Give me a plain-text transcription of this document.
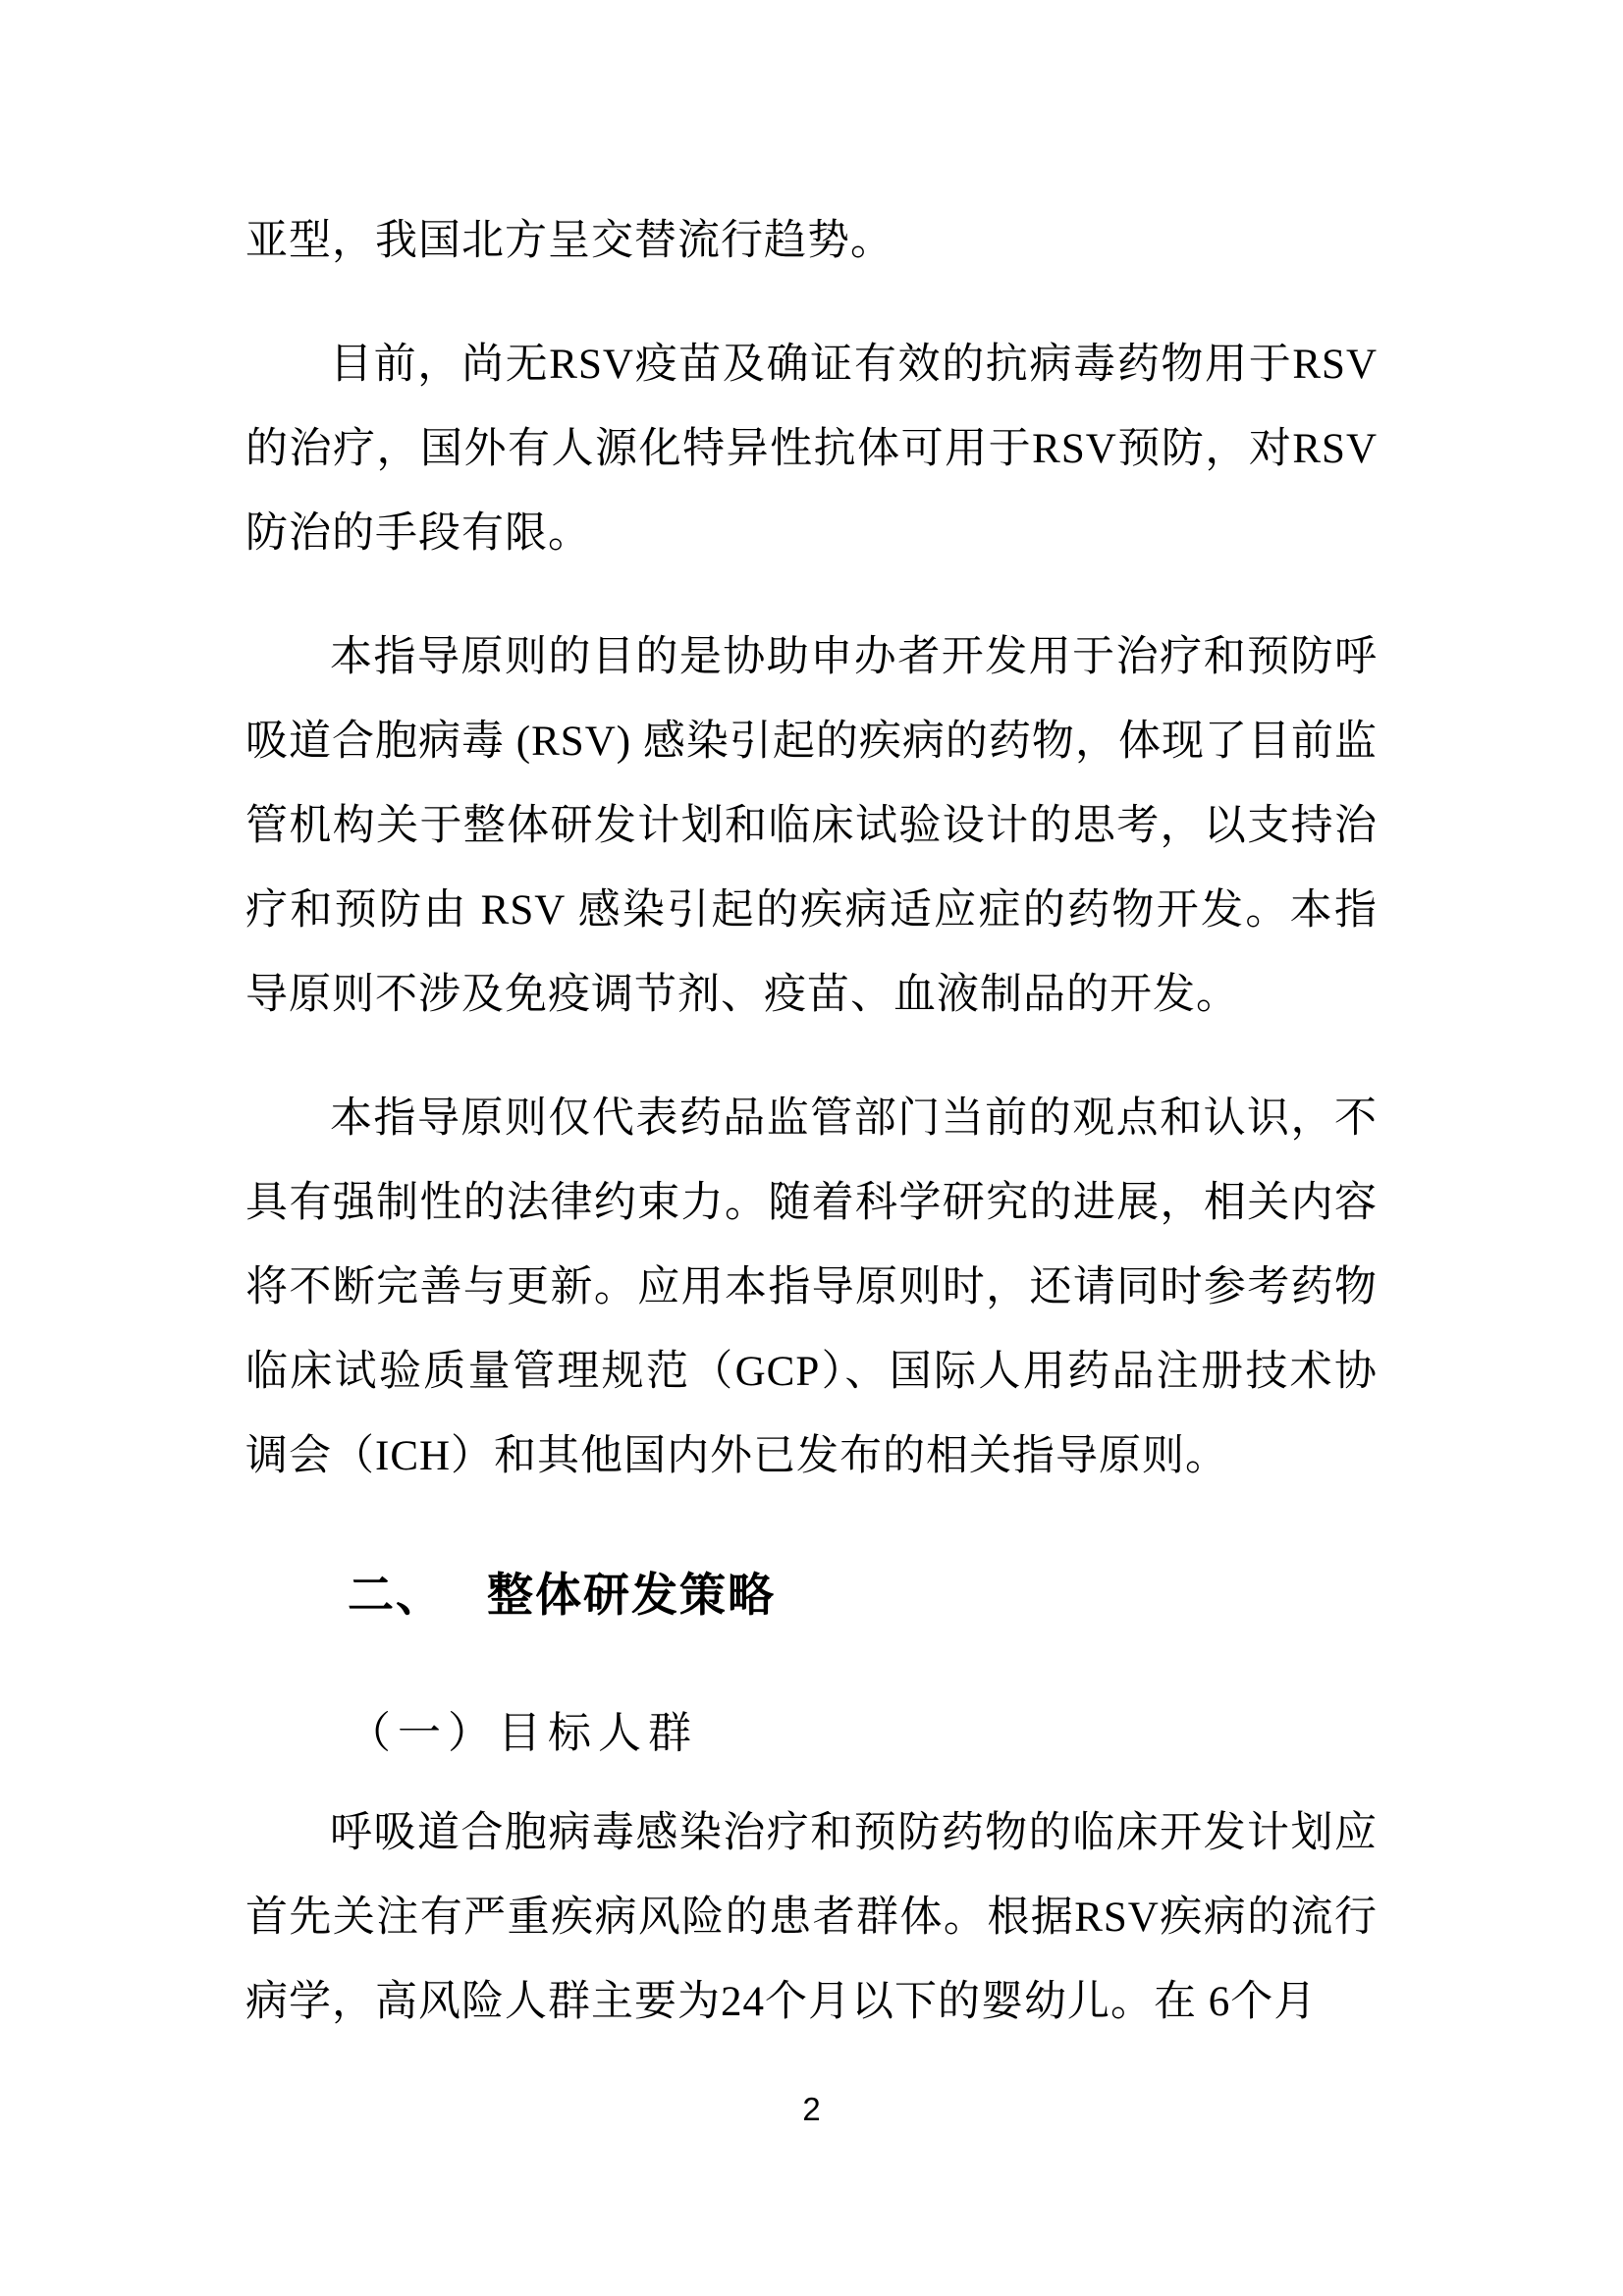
亚型，我国北方呈交替流行趋势。

目前，尚无RSV疫苗及确证有效的抗病毒药物用于RSV的治疗，国外有人源化特异性抗体可用于RSV预防，对RSV防治的手段有限。

本指导原则的目的是协助申办者开发用于治疗和预防呼吸道合胞病毒 (RSV) 感染引起的疾病的药物，体现了目前监管机构关于整体研发计划和临床试验设计的思考，以支持治疗和预防由 RSV 感染引起的疾病适应症的药物开发。本指导原则不涉及免疫调节剂、疫苗、血液制品的开发。

本指导原则仅代表药品监管部门当前的观点和认识，不具有强制性的法律约束力。随着科学研究的进展，相关内容将不断完善与更新。应用本指导原则时，还请同时参考药物临床试验质量管理规范（GCP）、国际人用药品注册技术协调会（ICH）和其他国内外已发布的相关指导原则。

二、 整体研发策略
（一）目标人群

呼吸道合胞病毒感染治疗和预防药物的临床开发计划应首先关注有严重疾病风险的患者群体。根据RSV疾病的流行病学，高风险人群主要为24个月以下的婴幼儿。在 6个月

2
